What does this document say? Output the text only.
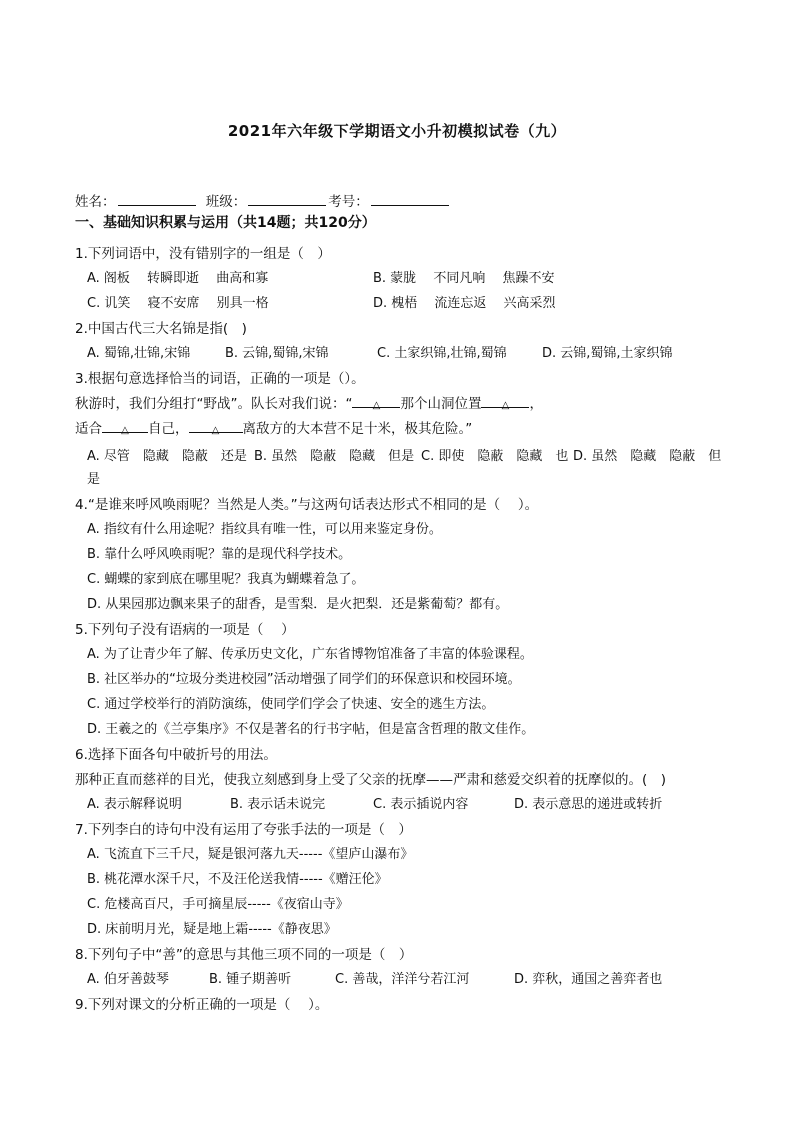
2021年六年级下学期语文小升初模拟试卷（九）
姓名：	班级：	考号：
一、基础知识积累与运用（共14题；共120分）
1.下列词语中，没有错别字的一组是（　）
A. 阁板　 转瞬即逝　 曲高和寡	B. 蒙胧　 不同凡响　 焦躁不安
C. 讥笑　 寝不安席　 别具一格	D. 槐梧　 流连忘返　 兴高采烈
2.中国古代三大名锦是指(　)
A. 蜀锦,壮锦,宋锦	B. 云锦,蜀锦,宋锦	C. 土家织锦,壮锦,蜀锦	D. 云锦,蜀锦,土家织锦
3.根据句意选择恰当的词语，正确的一项是（）。
秋游时，我们分组打“野战”。队长对我们说：“ △ 那个山洞位置 △ ，
适合 △ 自己， △ 离敌方的大本营不足十米，极其危险。”
A. 尽管　隐藏　隐蔽　还是 B. 虽然　隐蔽　隐藏　但是 C. 即使　隐蔽　隐藏　也 D. 虽然　隐藏　隐蔽　但
是
4.“是谁来呼风唤雨呢？当然是人类。”与这两句话表达形式不相同的是（　 ）。
A. 指纹有什么用途呢？指纹具有唯一性，可以用来鉴定身份。
B. 靠什么呼风唤雨呢？靠的是现代科学技术。
C. 蝴蝶的家到底在哪里呢？我真为蝴蝶着急了。
D. 从果园那边飘来果子的甜香，是雪梨．是火把梨．还是紫葡萄？都有。
5.下列句子没有语病的一项是（　 ）
A. 为了让青少年了解、传承历史文化，广东省博物馆准备了丰富的体验课程。
B. 社区举办的“垃圾分类进校园”活动增强了同学们的环保意识和校园环境。
C. 通过学校举行的消防演练，使同学们学会了快速、安全的逃生方法。
D. 王羲之的《兰亭集序》不仅是著名的行书字帖，但是富含哲理的散文佳作。
6.选择下面各句中破折号的用法。
那种正直而慈祥的目光，使我立刻感到身上受了父亲的抚摩——严肃和慈爱交织着的抚摩似的。(　)
A. 表示解释说明	B. 表示话未说完	C. 表示插说内容	D. 表示意思的递进或转折
7.下列李白的诗句中没有运用了夸张手法的一项是（　）
A. 飞流直下三千尺，疑是银河落九天-----《望庐山瀑布》
B. 桃花潭水深千尺，不及汪伦送我情-----《赠汪伦》
C. 危楼高百尺，手可摘星辰-----《夜宿山寺》
D. 床前明月光，疑是地上霜-----《静夜思》
8.下列句子中“善”的意思与其他三项不同的一项是（　）
A. 伯牙善鼓琴	B. 锺子期善听	C. 善哉，洋洋兮若江河	D. 弈秋，通国之善弈者也
9.下列对课文的分析正确的一项是（　 ）。
